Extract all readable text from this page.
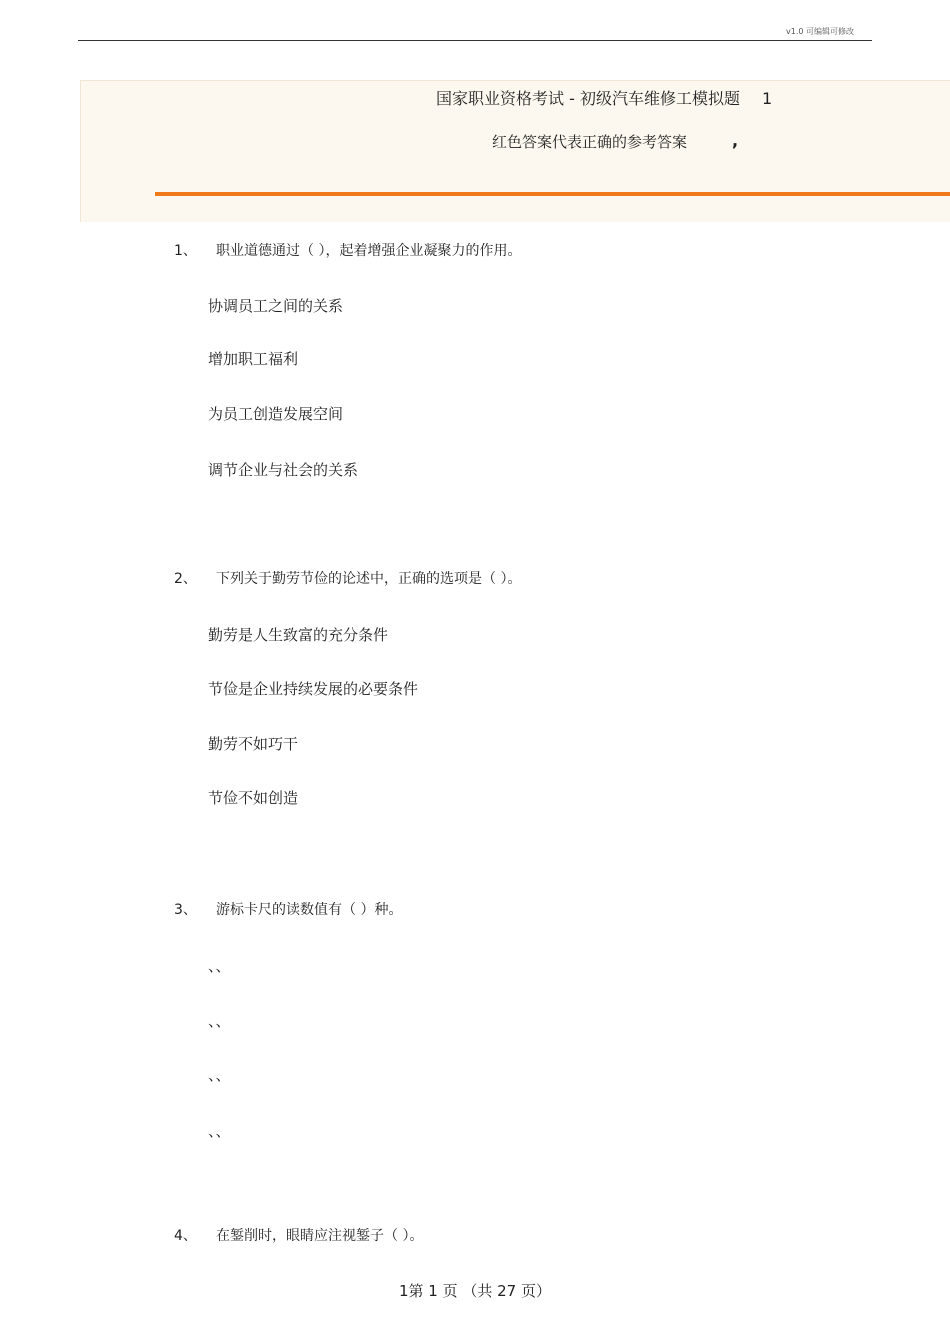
v1.0 可编辑可修改
国家职业资格考试 - 初级汽车维修工模拟题 1
红色答案代表正确的参考答案	,
1、 职业道德通过（ ），起着增强企业凝聚力的作用。
协调员工之间的关系
增加职工福利
为员工创造发展空间
调节企业与社会的关系
2、 下列关于勤劳节俭的论述中，正确的选项是（ ）。
勤劳是人生致富的充分条件
节俭是企业持续发展的必要条件
勤劳不如巧干
节俭不如创造
3、 游标卡尺的读数值有（ ）种。
、、
、、
、、
、、
4、 在錾削时，眼睛应注视錾子（ ）。
1第 1 页 （共 27 页）
